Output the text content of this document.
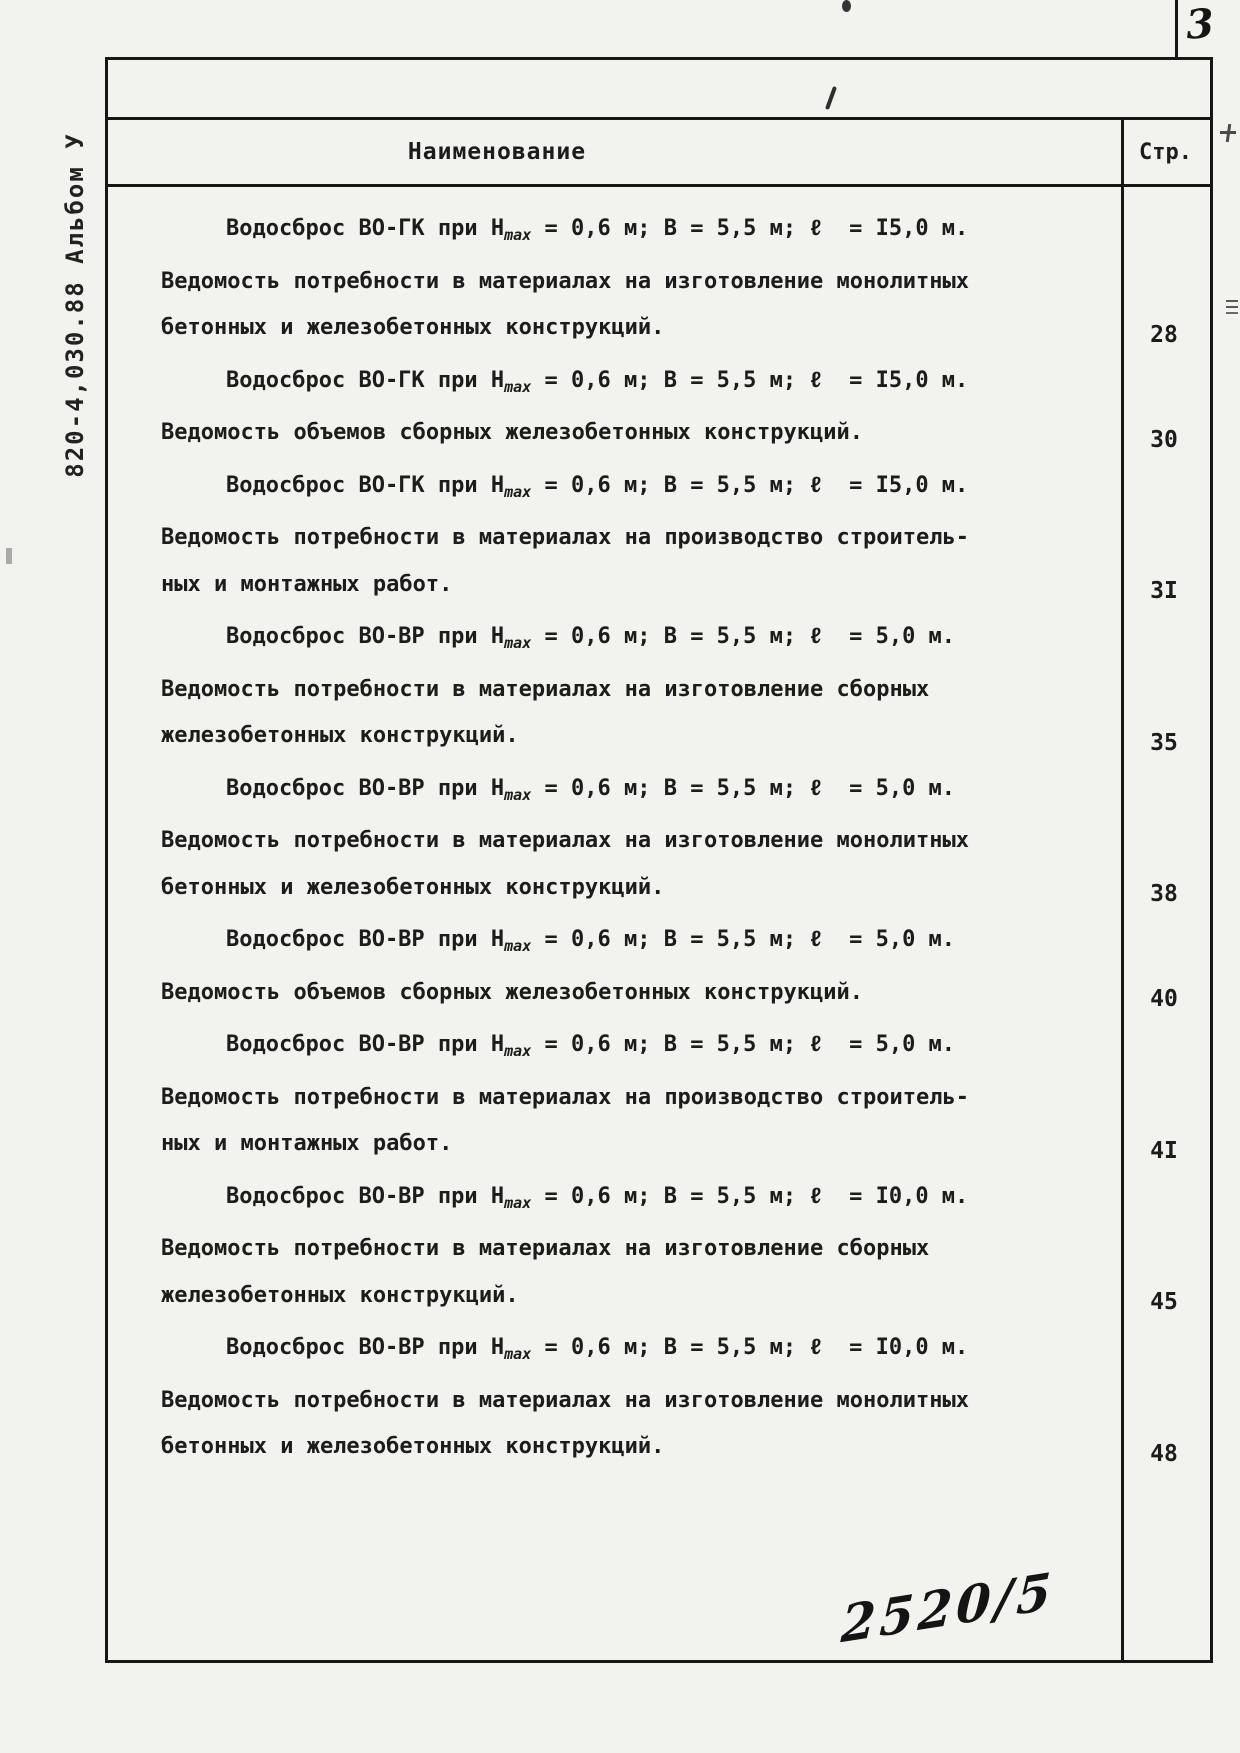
3
820-4,030.88 Альбом У	Наименование	Стр.
Водосброс ВО-ГК при $Н_{max} = 0,6$ м; В = 5,5 м; ℓ  = I5,0 м.
Ведомость потребности в материалах на изготовление монолитных
бетонных и железобетонных конструкций.	28
Водосброс ВО-ГК при $Н_{max} = 0,6$ м; В = 5,5 м; ℓ  = I5,0 м.
Ведомость объемов сборных железобетонных конструкций.	30
Водосброс ВО-ГК при $Н_{max} = 0,6$ м; В = 5,5 м; ℓ  = I5,0 м.
Ведомость потребности в материалах на производство строитель-
ных и монтажных работ.	3I
Водосброс ВО-ВР при $Н_{max} = 0,6$ м; В = 5,5 м; ℓ  = 5,0 м.
Ведомость потребности в материалах на изготовление сборных
железобетонных конструкций.	35
Водосброс ВО-ВР при $Н_{max} = 0,6$ м; В = 5,5 м; ℓ  = 5,0 м.
Ведомость потребности в материалах на изготовление монолитных
бетонных и железобетонных конструкций.	38
Водосброс ВО-ВР при $Н_{max} = 0,6$ м; В = 5,5 м; ℓ  = 5,0 м.
Ведомость объемов сборных железобетонных конструкций.	40
Водосброс ВО-ВР при $Н_{max} = 0,6$ м; В = 5,5 м; ℓ  = 5,0 м.
Ведомость потребности в материалах на производство строитель-
ных и монтажных работ.	4I
Водосброс ВО-ВР при $Н_{max} = 0,6$ м; В = 5,5 м; ℓ  = I0,0 м.
Ведомость потребности в материалах на изготовление сборных
железобетонных конструкций.	45
Водосброс ВО-ВР при $Н_{max} = 0,6$ м; В = 5,5 м; ℓ  = I0,0 м.
Ведомость потребности в материалах на изготовление монолитных
бетонных и железобетонных конструкций.	48
2520/5
